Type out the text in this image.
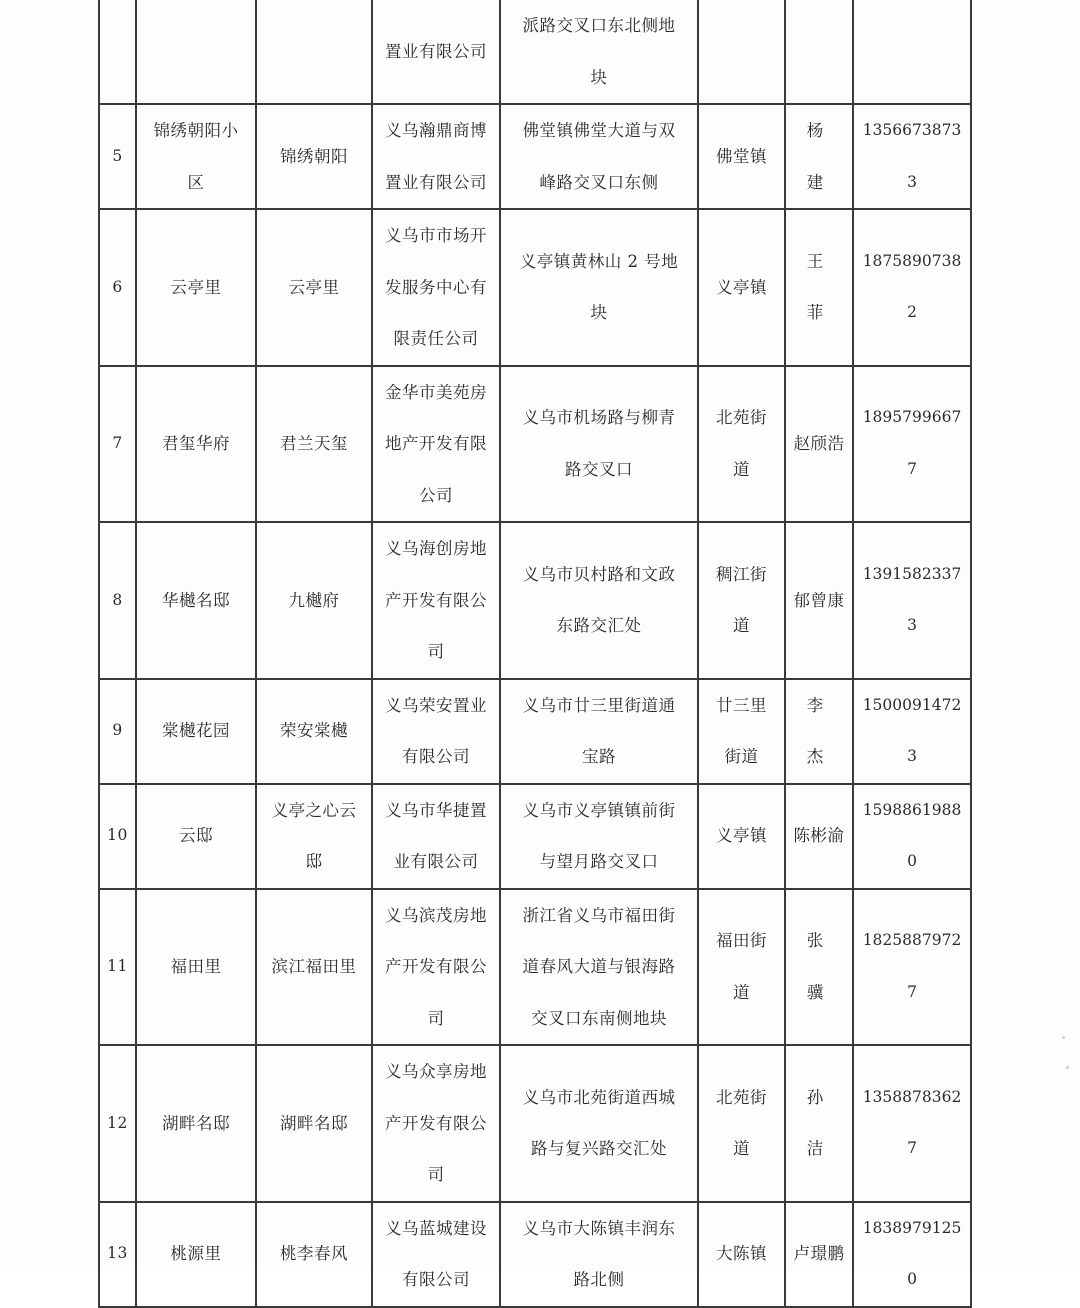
			置业有限公司	派路交叉口东北侧地块			
5	锦绣朝阳小区	锦绣朝阳	义乌瀚鼎商博置业有限公司	佛堂镇佛堂大道与双峰路交叉口东侧	佛堂镇	杨 建	13566738733
6	云亭里	云亭里	义乌市市场开发服务中心有限责任公司	义亭镇黄林山 2 号地块	义亭镇	王 菲	18758907382
7	君玺华府	君兰天玺	金华市美苑房地产开发有限公司	义乌市机场路与柳青路交叉口	北苑街道	赵颀浩	18957996677
8	华樾名邸	九樾府	义乌海创房地产开发有限公司	义乌市贝村路和文政东路交汇处	稠江街道	郁曾康	13915823373
9	棠樾花园	荣安棠樾	义乌荣安置业有限公司	义乌市廿三里街道通宝路	廿三里街道	李 杰	15000914723
10	云邸	义亭之心云邸	义乌市华捷置业有限公司	义乌市义亭镇镇前街与望月路交叉口	义亭镇	陈彬渝	15988619880
11	福田里	滨江福田里	义乌滨茂房地产开发有限公司	浙江省义乌市福田街道春风大道与银海路交叉口东南侧地块	福田街道	张 骥	18258879727
12	湖畔名邸	湖畔名邸	义乌众享房地产开发有限公司	义乌市北苑街道西城路与复兴路交汇处	北苑街道	孙 洁	13588783627
13	桃源里	桃李春风	义乌蓝城建设有限公司	义乌市大陈镇丰润东路北侧	大陈镇	卢璟鹏	18389791250
